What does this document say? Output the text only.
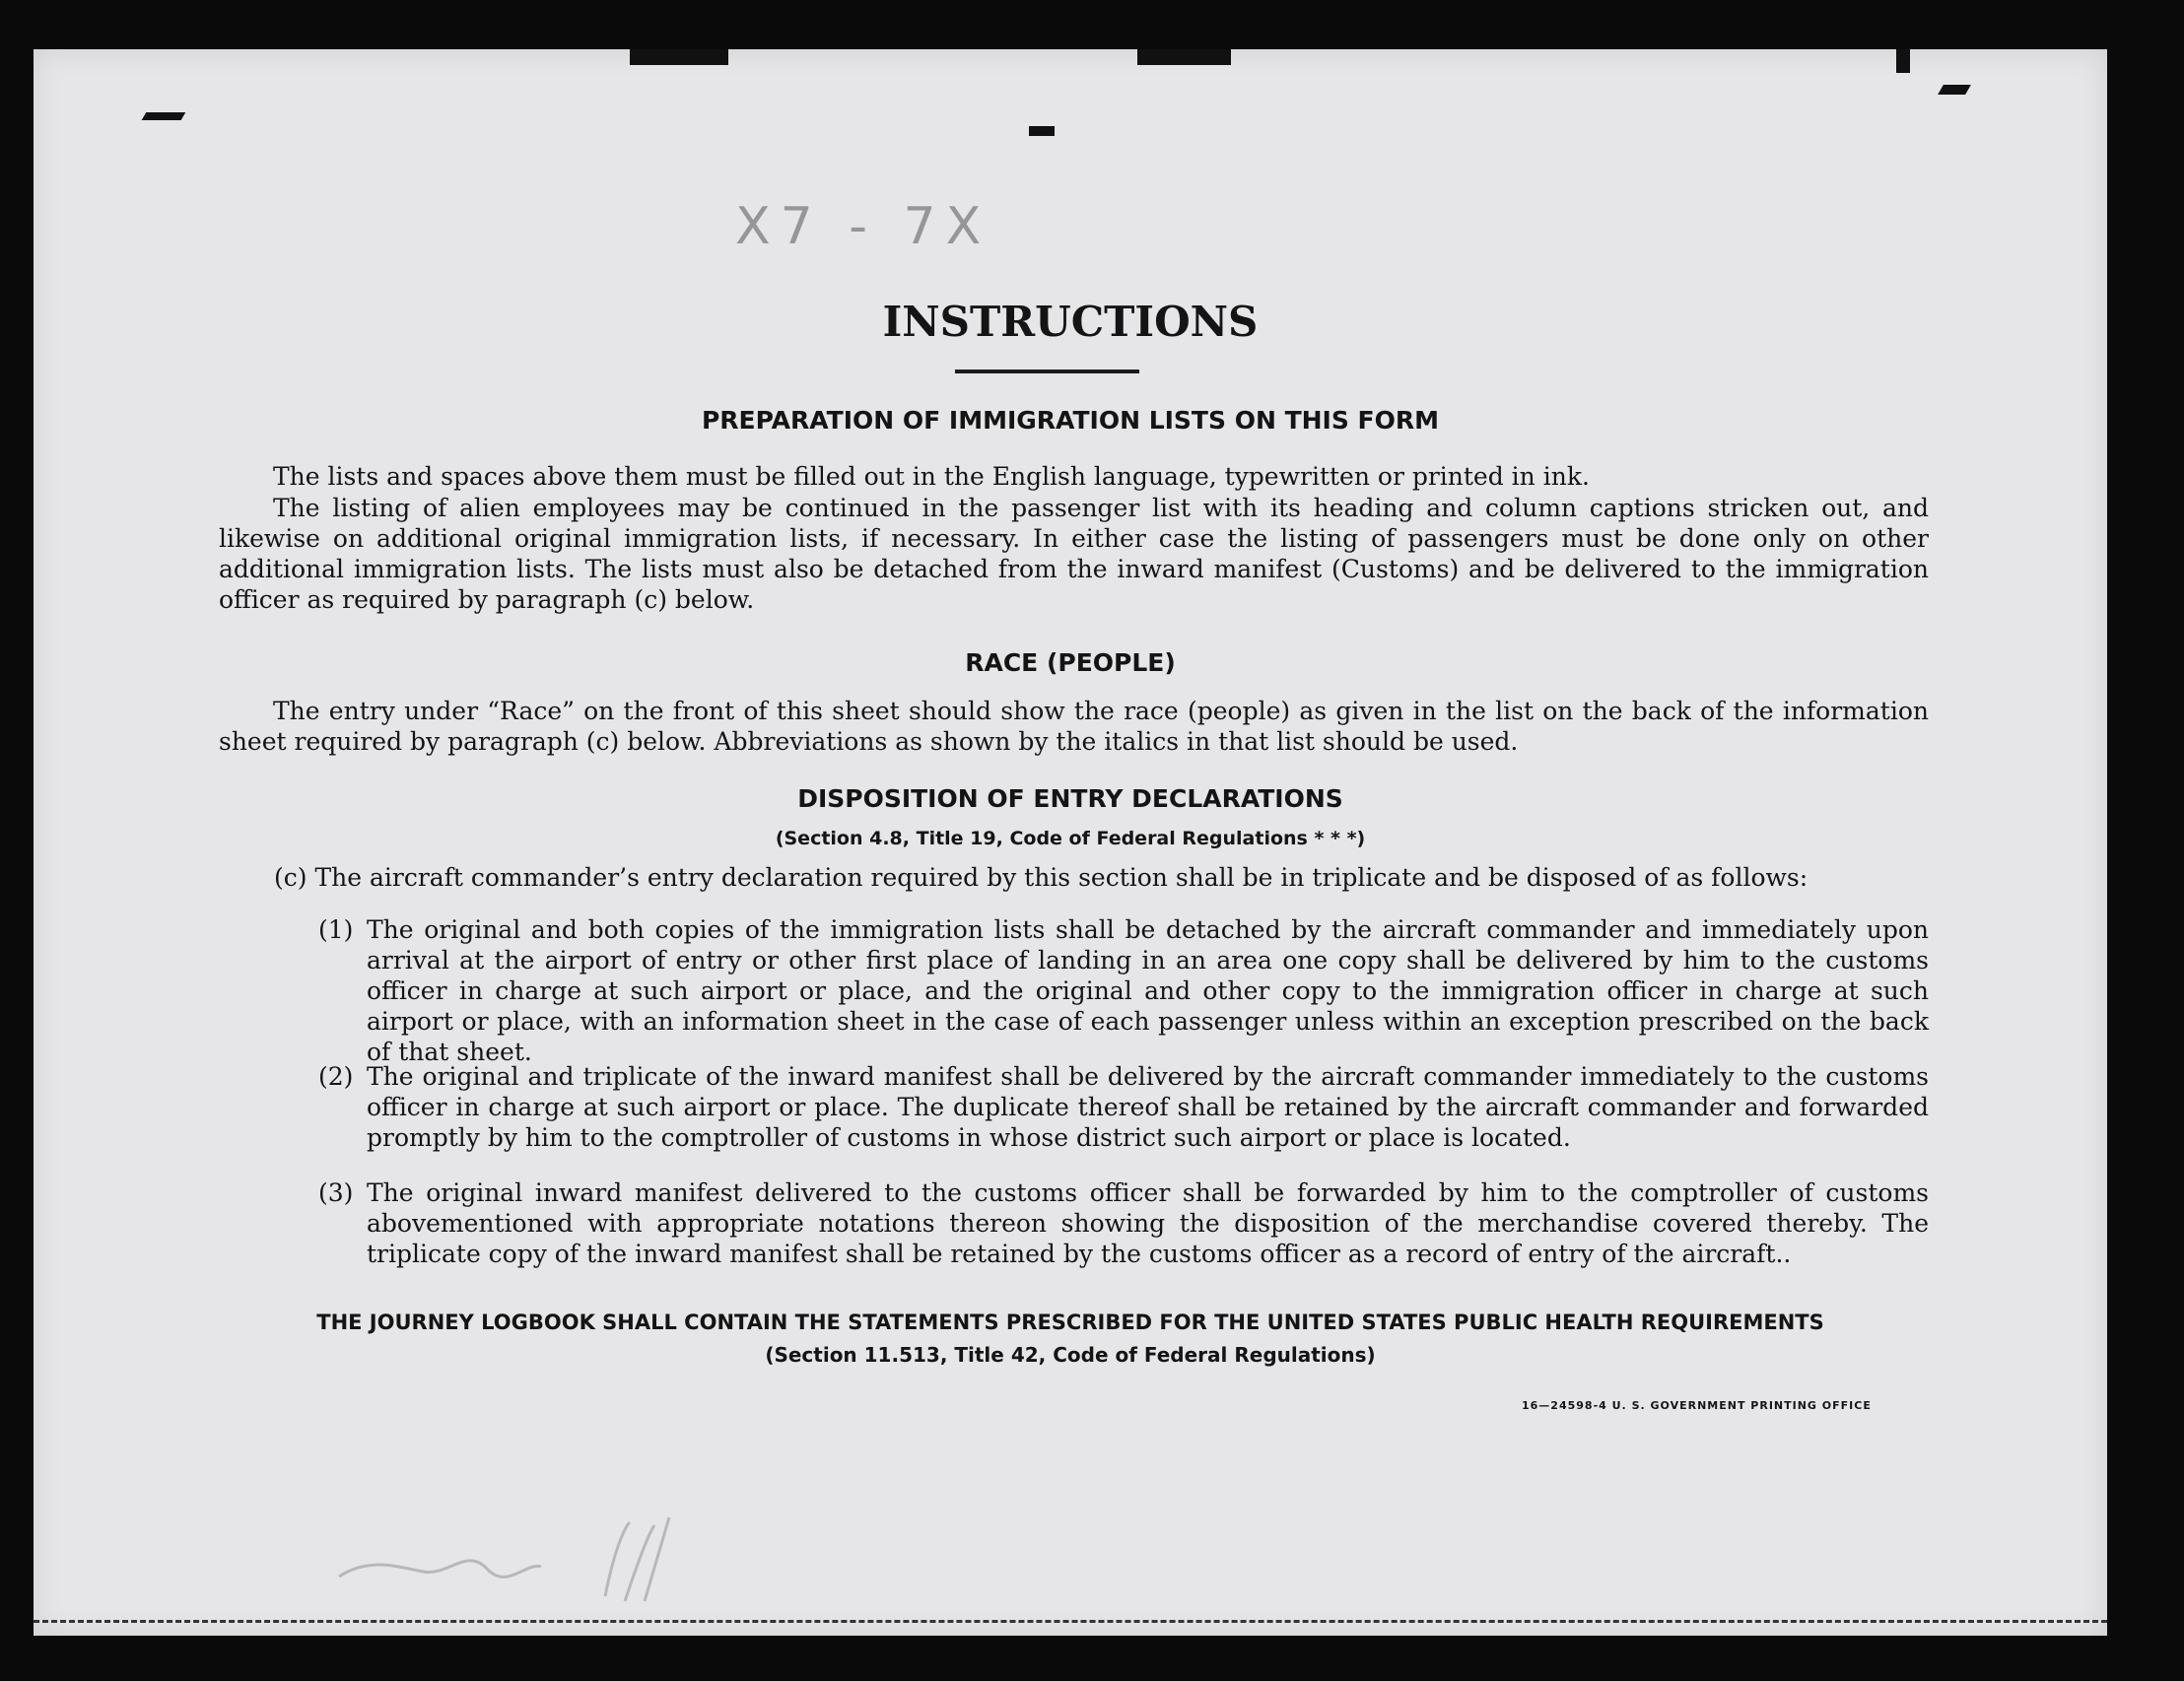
X7 - 7X
INSTRUCTIONS
PREPARATION OF IMMIGRATION LISTS ON THIS FORM
The lists and spaces above them must be filled out in the English language, typewritten or printed in ink.
The listing of alien employees may be continued in the passenger list with its heading and column captions stricken out, and likewise on additional original immigration lists, if necessary. In either case the listing of passengers must be done only on other additional immigration lists. The lists must also be detached from the inward manifest (Customs) and be delivered to the immigration officer as required by paragraph (c) below.
RACE (PEOPLE)
The entry under “Race” on the front of this sheet should show the race (people) as given in the list on the back of the information sheet required by paragraph (c) below. Abbreviations as shown by the italics in that list should be used.
DISPOSITION OF ENTRY DECLARATIONS
(Section 4.8, Title 19, Code of Federal Regulations * * *)
(c) The aircraft commander’s entry declaration required by this section shall be in triplicate and be disposed of as follows:
(1) The original and both copies of the immigration lists shall be detached by the aircraft commander and immediately upon arrival at the airport of entry or other first place of landing in an area one copy shall be delivered by him to the customs officer in charge at such airport or place, and the original and other copy to the immigration officer in charge at such airport or place, with an information sheet in the case of each passenger unless within an exception prescribed on the back of that sheet.
(2) The original and triplicate of the inward manifest shall be delivered by the aircraft commander immediately to the customs officer in charge at such airport or place. The duplicate thereof shall be retained by the aircraft commander and forwarded promptly by him to the comptroller of customs in whose district such airport or place is located.
(3) The original inward manifest delivered to the customs officer shall be forwarded by him to the comptroller of customs abovementioned with appropriate notations thereon showing the disposition of the merchandise covered thereby. The triplicate copy of the inward manifest shall be retained by the customs officer as a record of entry of the aircraft..
THE JOURNEY LOGBOOK SHALL CONTAIN THE STATEMENTS PRESCRIBED FOR THE UNITED STATES PUBLIC HEALTH REQUIREMENTS
(Section 11.513, Title 42, Code of Federal Regulations)
16—24598-4 U. S. GOVERNMENT PRINTING OFFICE
